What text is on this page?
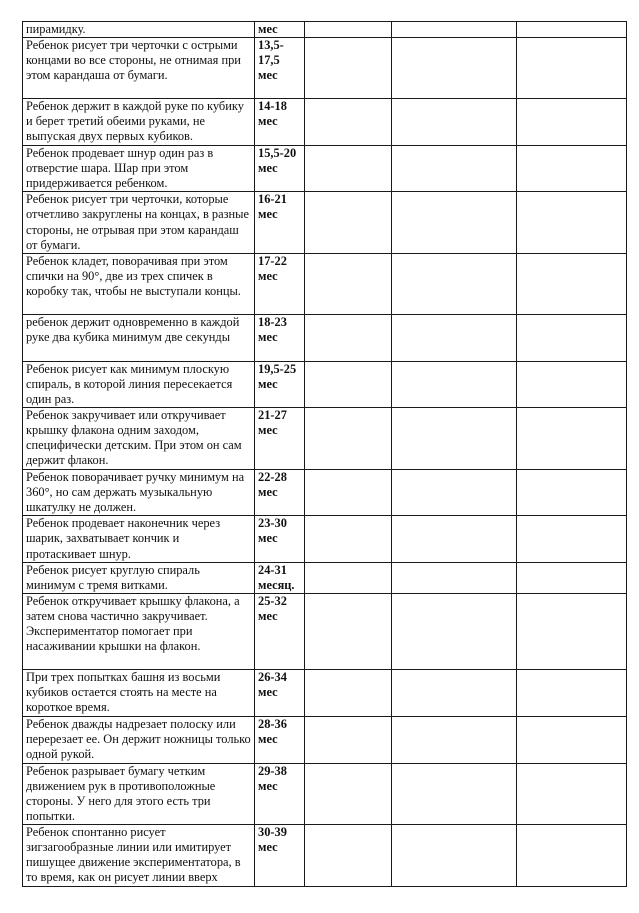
пирамидку.	мес			
Ребенок рисует три черточки с острыми концами во все стороны, не отнимая при этом карандаша от бумаги.	13,5-17,5 мес			
Ребенок держит в каждой руке по кубику и берет третий обеими руками, не выпуская двух первых кубиков.	14-18 мес			
Ребенок продевает шнур один раз в отверстие шара. Шар при этом придерживается ребенком.	15,5-20 мес			
Ребенок рисует три черточки, которые отчетливо закруглены на концах, в разные стороны, не отрывая при этом карандаш от бумаги.	16-21 мес			
Ребенок кладет, поворачивая при этом спички на 90°, две из трех спичек в коробку так, чтобы не выступали концы.	17-22 мес			
ребенок держит одновременно в каждой руке два кубика минимум две секунды	18-23 мес			
Ребенок рисует как минимум плоскую спираль, в которой линия пересекается один раз.	19,5-25 мес			
Ребенок закручивает или откручивает крышку флакона одним заходом, специфически детским. При этом он сам держит флакон.	21-27 мес			
Ребенок поворачивает ручку минимум на 360°, но сам держать музыкальную шкатулку не должен.	22-28 мес			
Ребенок продевает наконечник через шарик, захватывает кончик и протаскивает шнур.	23-30 мес			
Ребенок рисует круглую спираль минимум с тремя витками.	24-31 месяц.			
Ребенок откручивает крышку флакона, а затем снова частично закручивает. Экспериментатор помогает при насаживании крышки на флакон.	25-32 мес			
При трех попытках башня из восьми кубиков остается стоять на месте на короткое время.	26-34 мес			
Ребенок дважды надрезает полоску или перерезает ее. Он держит ножницы только одной рукой.	28-36 мес			
Ребенок разрывает бумагу четким движением рук в противоположные стороны. У него для этого есть три попытки.	29-38 мес			
Ребенок спонтанно рисует зигзагообразные линии или имитирует пишущее движение экспериментатора, в то время, как он рисует линии вверх	30-39 мес			
